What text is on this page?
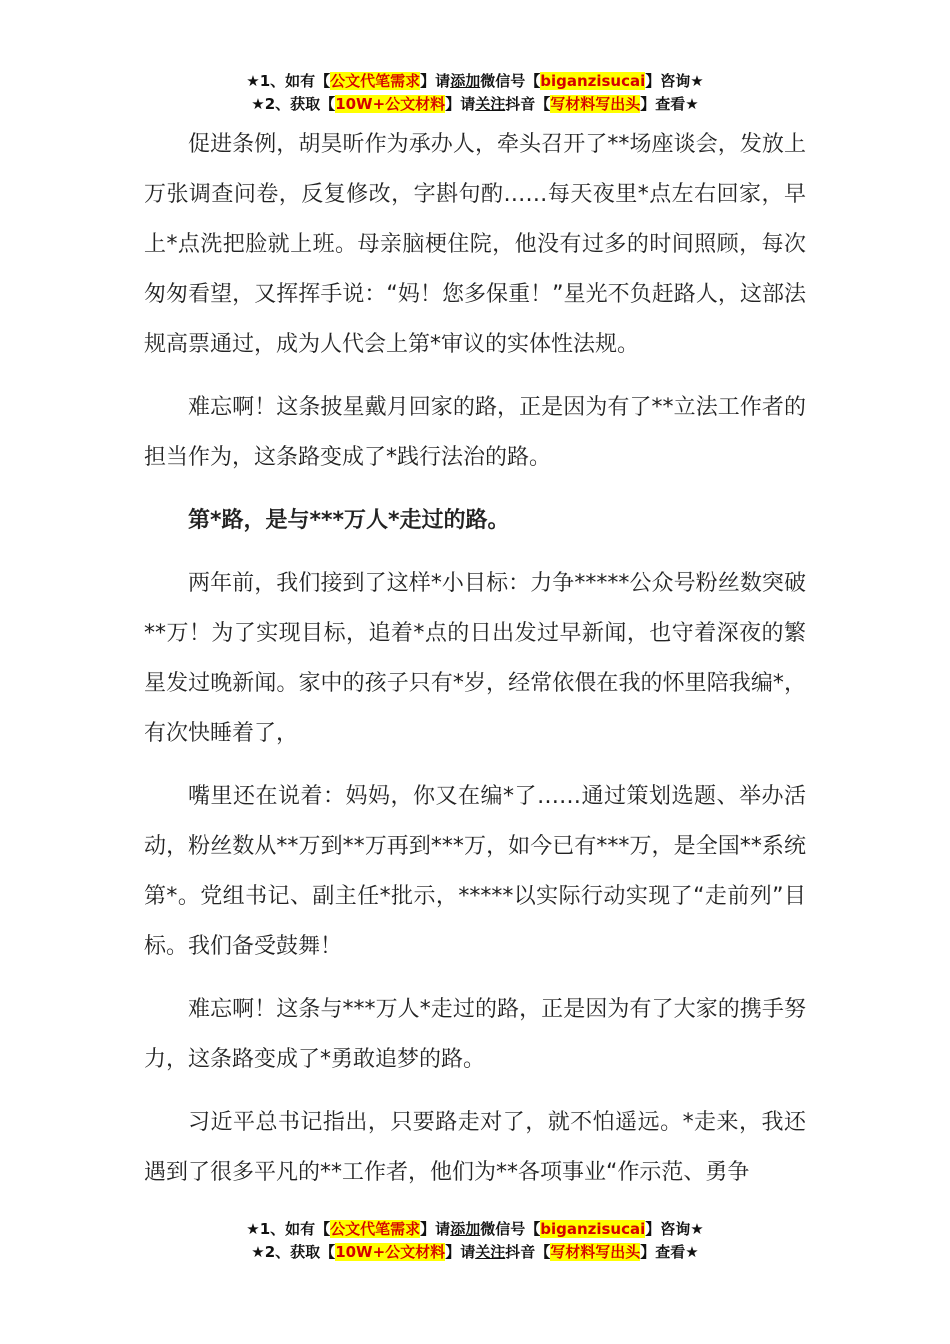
★1、如有【公文代笔需求】请添加微信号【biganzisucai】咨询★
★2、获取【10W+公文材料】请关注抖音【写材料写出头】查看★

促进条例，胡昊昕作为承办人，牵头召开了**场座谈会，发放上万张调查问卷，反复修改，字斟句酌……每天夜里*点左右回家，早上*点洗把脸就上班。母亲脑梗住院，他没有过多的时间照顾，每次匆匆看望，又挥挥手说：“妈！您多保重！”星光不负赶路人，这部法规高票通过，成为人代会上第*审议的实体性法规。

难忘啊！这条披星戴月回家的路，正是因为有了**立法工作者的担当作为，这条路变成了*践行法治的路。

第*路，是与***万人*走过的路。

两年前，我们接到了这样*小目标：力争*****公众号粉丝数突破**万！为了实现目标，追着*点的日出发过早新闻，也守着深夜的繁星发过晚新闻。家中的孩子只有*岁，经常依偎在我的怀里陪我编*，有次快睡着了，

嘴里还在说着：妈妈，你又在编*了……通过策划选题、举办活动，粉丝数从**万到**万再到***万，如今已有***万，是全国**系统第*。党组书记、副主任*批示，*****以实际行动实现了“走前列”目标。我们备受鼓舞！

难忘啊！这条与***万人*走过的路，正是因为有了大家的携手努力，这条路变成了*勇敢追梦的路。

习近平总书记指出，只要路走对了，就不怕遥远。*走来，我还遇到了很多平凡的**工作者，他们为**各项事业“作示范、勇争

★1、如有【公文代笔需求】请添加微信号【biganzisucai】咨询★
★2、获取【10W+公文材料】请关注抖音【写材料写出头】查看★
